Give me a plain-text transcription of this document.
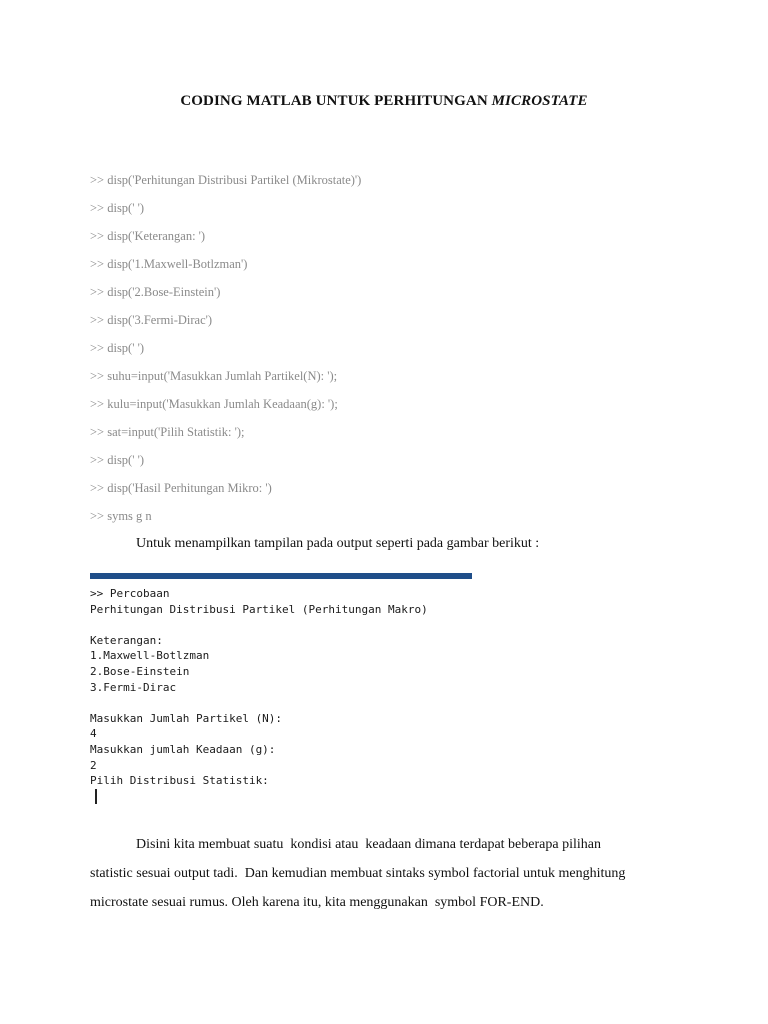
CODING MATLAB UNTUK PERHITUNGAN MICROSTATE
>> disp('Perhitungan Distribusi Partikel (Mikrostate)')
>> disp(' ')
>> disp('Keterangan: ')
>> disp('1.Maxwell-Botlzman')
>> disp('2.Bose-Einstein')
>> disp('3.Fermi-Dirac')
>> disp(' ')
>> suhu=input('Masukkan Jumlah Partikel(N): ');
>> kulu=input('Masukkan Jumlah Keadaan(g): ');
>> sat=input('Pilih Statistik: ');
>> disp(' ')
>> disp('Hasil Perhitungan Mikro: ')
>> syms g n
Untuk menampilkan tampilan pada output seperti pada gambar berikut :
>> Percobaan
Perhitungan Distribusi Partikel (Perhitungan Makro)
Keterangan:
1.Maxwell-Botlzman
2.Bose-Einstein
3.Fermi-Dirac
Masukkan Jumlah Partikel (N):
4
Masukkan jumlah Keadaan (g):
2
Pilih Distribusi Statistik:
Disini kita membuat suatu  kondisi atau  keadaan dimana terdapat beberapa pilihan
statistic sesuai output tadi.  Dan kemudian membuat sintaks symbol factorial untuk menghitung
microstate sesuai rumus. Oleh karena itu, kita menggunakan  symbol FOR-END.
